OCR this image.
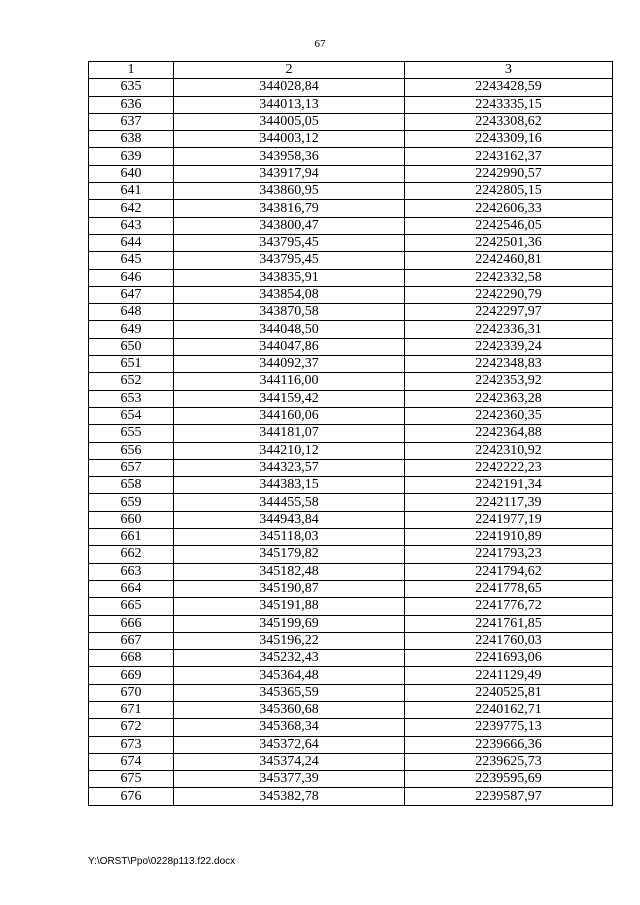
67
1	2	3
635	344028,84	2243428,59
636	344013,13	2243335,15
637	344005,05	2243308,62
638	344003,12	2243309,16
639	343958,36	2243162,37
640	343917,94	2242990,57
641	343860,95	2242805,15
642	343816,79	2242606,33
643	343800,47	2242546,05
644	343795,45	2242501,36
645	343795,45	2242460,81
646	343835,91	2242332,58
647	343854,08	2242290,79
648	343870,58	2242297,97
649	344048,50	2242336,31
650	344047,86	2242339,24
651	344092,37	2242348,83
652	344116,00	2242353,92
653	344159,42	2242363,28
654	344160,06	2242360,35
655	344181,07	2242364,88
656	344210,12	2242310,92
657	344323,57	2242222,23
658	344383,15	2242191,34
659	344455,58	2242117,39
660	344943,84	2241977,19
661	345118,03	2241910,89
662	345179,82	2241793,23
663	345182,48	2241794,62
664	345190,87	2241778,65
665	345191,88	2241776,72
666	345199,69	2241761,85
667	345196,22	2241760,03
668	345232,43	2241693,06
669	345364,48	2241129,49
670	345365,59	2240525,81
671	345360,68	2240162,71
672	345368,34	2239775,13
673	345372,64	2239666,36
674	345374,24	2239625,73
675	345377,39	2239595,69
676	345382,78	2239587,97
Y:\ORST\Ppo\0228p113.f22.docx
